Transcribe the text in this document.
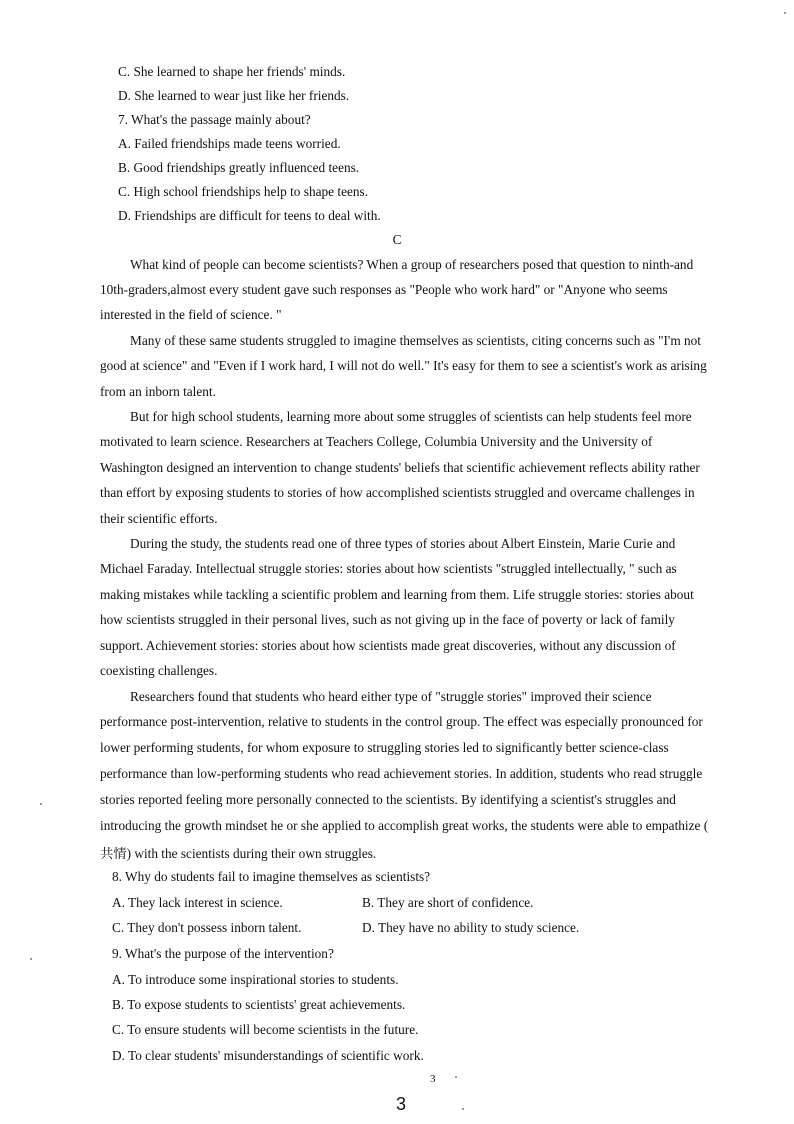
C. She learned to shape her friends' minds.
D. She learned to wear just like her friends.
7. What's the passage mainly about?
A. Failed friendships made teens worried.
B. Good friendships greatly influenced teens.
C. High school friendships help to shape teens.
D. Friendships are difficult for teens to deal with.
C
What kind of people can become scientists? When a group of researchers posed that question to ninth-and
10th-graders,almost every student gave such responses as "People who work hard" or "Anyone who seems
interested in the field of science. "
Many of these same students struggled to imagine themselves as scientists, citing concerns such as "I'm not
good at science" and "Even if I work hard, I will not do well." It's easy for them to see a scientist's work as arising
from an inborn talent.
But for high school students, learning more about some struggles of scientists can help students feel more
motivated to learn science. Researchers at Teachers College, Columbia University and the University of
Washington designed an intervention to change students' beliefs that scientific achievement reflects ability rather
than effort by exposing students to stories of how accomplished scientists struggled and overcame challenges in
their scientific efforts.
During the study, the students read one of three types of stories about Albert Einstein, Marie Curie and
Michael Faraday. Intellectual struggle stories: stories about how scientists "struggled intellectually, " such as
making mistakes while tackling a scientific problem and learning from them. Life struggle stories: stories about
how scientists struggled in their personal lives, such as not giving up in the face of poverty or lack of family
support. Achievement stories: stories about how scientists made great discoveries, without any discussion of
coexisting challenges.
Researchers found that students who heard either type of "struggle stories" improved their science
performance post-intervention, relative to students in the control group. The effect was especially pronounced for
lower performing students, for whom exposure to struggling stories led to significantly better science-class
performance than low-performing students who read achievement stories. In addition, students who read struggle
stories reported feeling more personally connected to the scientists. By identifying a scientist's struggles and
introducing the growth mindset he or she applied to accomplish great works, the students were able to empathize (
共情) with the scientists during their own struggles.
8. Why do students fail to imagine themselves as scientists?
A. They lack interest in science.	B. They are short of confidence.
C. They don't possess inborn talent.	D. They have no ability to study science.
9. What's the purpose of the intervention?
A. To introduce some inspirational stories to students.
B. To expose students to scientists' great achievements.
C. To ensure students will become scientists in the future.
D. To clear students' misunderstandings of scientific work.
3
3
